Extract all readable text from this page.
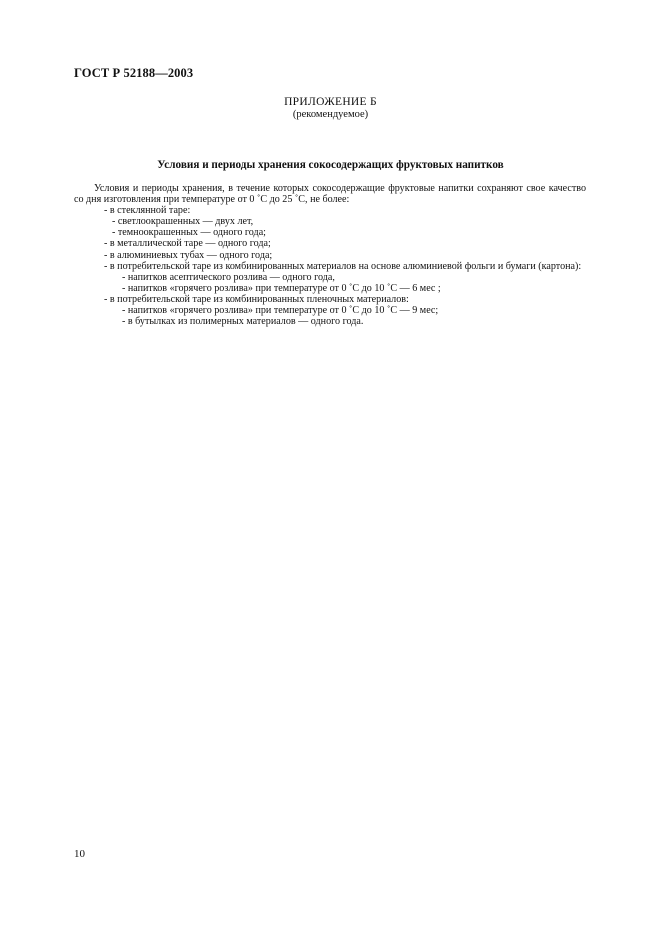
ГОСТ Р 52188—2003
ПРИЛОЖЕНИЕ Б
(рекомендуемое)
Условия и периоды хранения сокосодержащих фруктовых напитков

Условия и периоды хранения, в течение которых сокосодержащие фруктовые напитки сохраняют свое качество со дня изготовления при температуре от 0 ˚С до 25 ˚С, не более:

- в стеклянной таре:
- светлоокрашенных — двух лет,
- темноокрашенных — одного года;
- в металлической таре — одного года;
- в алюминиевых тубах — одного года;
- в потребительской таре из комбинированных материалов на основе алюминиевой фольги и бумаги (картона):
- напитков асептического розлива — одного года,
- напитков «горячего розлива» при температуре от 0 ˚С до 10 ˚С — 6 мес ;
- в потребительской таре из комбинированных пленочных материалов:
- напитков «горячего розлива» при температуре от 0 ˚С до 10 ˚С — 9 мес;
- в бутылках из полимерных материалов — одного года.
10
